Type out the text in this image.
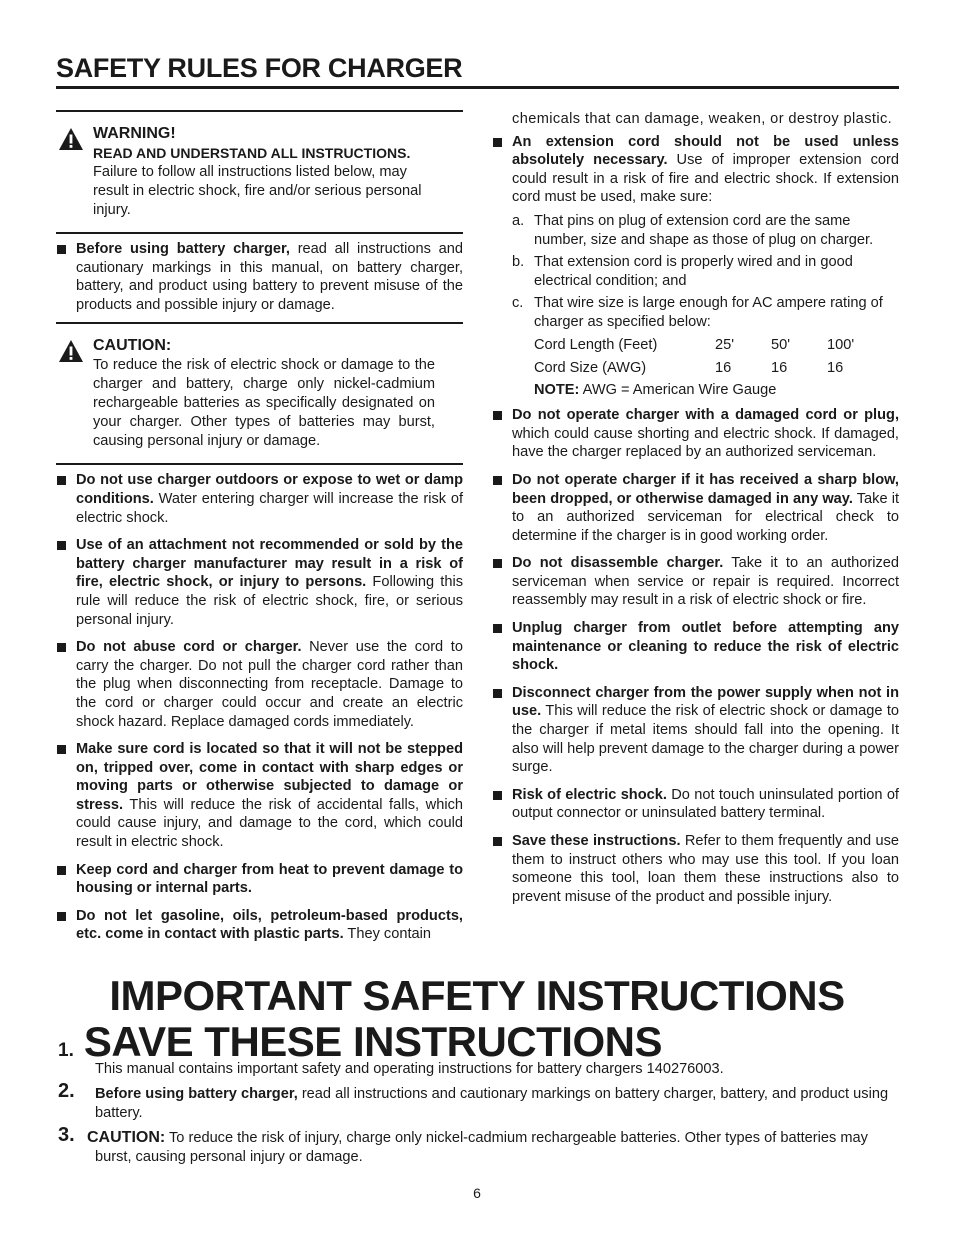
SAFETY RULES FOR CHARGER
WARNING!
READ AND UNDERSTAND ALL INSTRUCTIONS.
Failure to follow all instructions listed below, may result in electric shock, fire and/or serious personal injury.
Before using battery charger, read all instructions and cautionary markings in this manual, on battery charger, battery, and product using battery to prevent misuse of the products and possible injury or damage.
CAUTION:
To reduce the risk of electric shock or damage to the charger and battery, charge only nickel-cadmium rechargeable batteries as specifically designated on your charger. Other types of batteries may burst, causing personal injury or damage.
Do not use charger outdoors or expose to wet or damp conditions. Water entering charger will increase the risk of electric shock.
Use of an attachment not recommended or sold by the battery charger manufacturer may result in a risk of fire, electric shock, or injury to persons. Following this rule will reduce the risk of electric shock, fire, or serious personal injury.
Do not abuse cord or charger. Never use the cord to carry the charger. Do not pull the charger cord rather than the plug when disconnecting from receptacle. Damage to the cord or charger could occur and create an electric shock hazard. Replace damaged cords immediately.
Make sure cord is located so that it will not be stepped on, tripped over, come in contact with sharp edges or moving parts or otherwise subjected to damage or stress. This will reduce the risk of accidental falls, which could cause injury, and damage to the cord, which could result in electric shock.
Keep cord and charger from heat to prevent damage to housing or internal parts.
Do not let gasoline, oils, petroleum-based products, etc. come in contact with plastic parts. They contain
chemicals that can damage, weaken, or destroy plastic.
An extension cord should not be used unless absolutely necessary. Use of improper extension cord could result in a risk of fire and electric shock. If extension cord must be used, make sure:
a. That pins on plug of extension cord are the same number, size and shape as those of plug on charger.
b. That extension cord is properly wired and in good electrical condition; and
c. That wire size is large enough for AC ampere rating of charger as specified below:
Cord Length (Feet)	25'	50'	100'
Cord Size (AWG)	16	16	16
NOTE: AWG = American Wire Gauge
Do not operate charger with a damaged cord or plug, which could cause shorting and electric shock. If damaged, have the charger replaced by an authorized serviceman.
Do not operate charger if it has received a sharp blow, been dropped, or otherwise damaged in any way. Take it to an authorized serviceman for electrical check to determine if the charger is in good working order.
Do not disassemble charger. Take it to an authorized serviceman when service or repair is required. Incorrect reassembly may result in a risk of electric shock or fire.
Unplug charger from outlet before attempting any maintenance or cleaning to reduce the risk of electric shock.
Disconnect charger from the power supply when not in use. This will reduce the risk of electric shock or damage to the charger if metal items should fall into the opening. It also will help prevent damage to the charger during a power surge.
Risk of electric shock. Do not touch uninsulated portion of output connector or uninsulated battery terminal.
Save these instructions. Refer to them frequently and use them to instruct others who may use this tool. If you loan someone this tool, loan them these instructions also to prevent misuse of the product and possible injury.
IMPORTANT SAFETY INSTRUCTIONS
1. SAVE THESE INSTRUCTIONS
This manual contains important safety and operating instructions for battery chargers 140276003.
2. Before using battery charger, read all instructions and cautionary markings on battery charger, battery, and product using battery.
3. CAUTION: To reduce the risk of injury, charge only nickel-cadmium rechargeable batteries. Other types of batteries may burst, causing personal injury or damage.
6
